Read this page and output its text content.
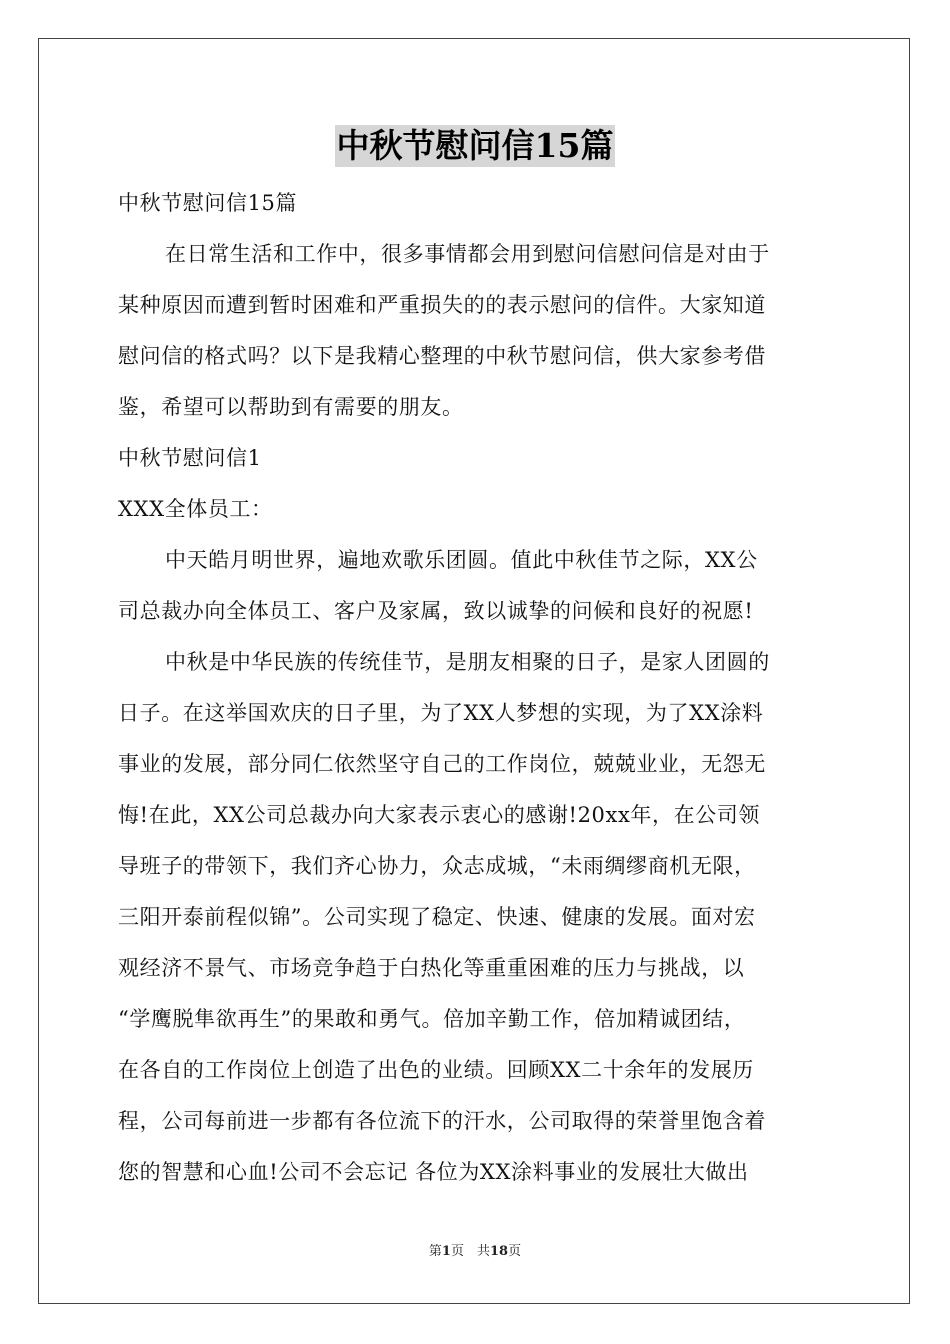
中秋节慰问信15篇
中秋节慰问信15篇
在日常生活和工作中，很多事情都会用到慰问信慰问信是对由于
某种原因而遭到暂时困难和严重损失的的表示慰问的信件。大家知道
慰问信的格式吗？以下是我精心整理的中秋节慰问信，供大家参考借
鉴，希望可以帮助到有需要的朋友。
中秋节慰问信1
XXX全体员工：
中天皓月明世界，遍地欢歌乐团圆。值此中秋佳节之际，XX公
司总裁办向全体员工、客户及家属，致以诚挚的问候和良好的祝愿!
中秋是中华民族的传统佳节，是朋友相聚的日子，是家人团圆的
日子。在这举国欢庆的日子里，为了XX人梦想的实现，为了XX涂料
事业的发展，部分同仁依然坚守自己的工作岗位，兢兢业业，无怨无
悔!在此，XX公司总裁办向大家表示衷心的感谢!20xx年，在公司领
导班子的带领下，我们齐心协力，众志成城，“未雨绸缪商机无限，
三阳开泰前程似锦”。公司实现了稳定、快速、健康的发展。面对宏
观经济不景气、市场竞争趋于白热化等重重困难的压力与挑战，以
“学鹰脱隼欲再生”的果敢和勇气。倍加辛勤工作，倍加精诚团结，
在各自的工作岗位上创造了出色的业绩。回顾XX二十余年的发展历
程，公司每前进一步都有各位流下的汗水，公司取得的荣誉里饱含着
您的智慧和心血!公司不会忘记 各位为XX涂料事业的发展壮大做出
第1页　共18页
